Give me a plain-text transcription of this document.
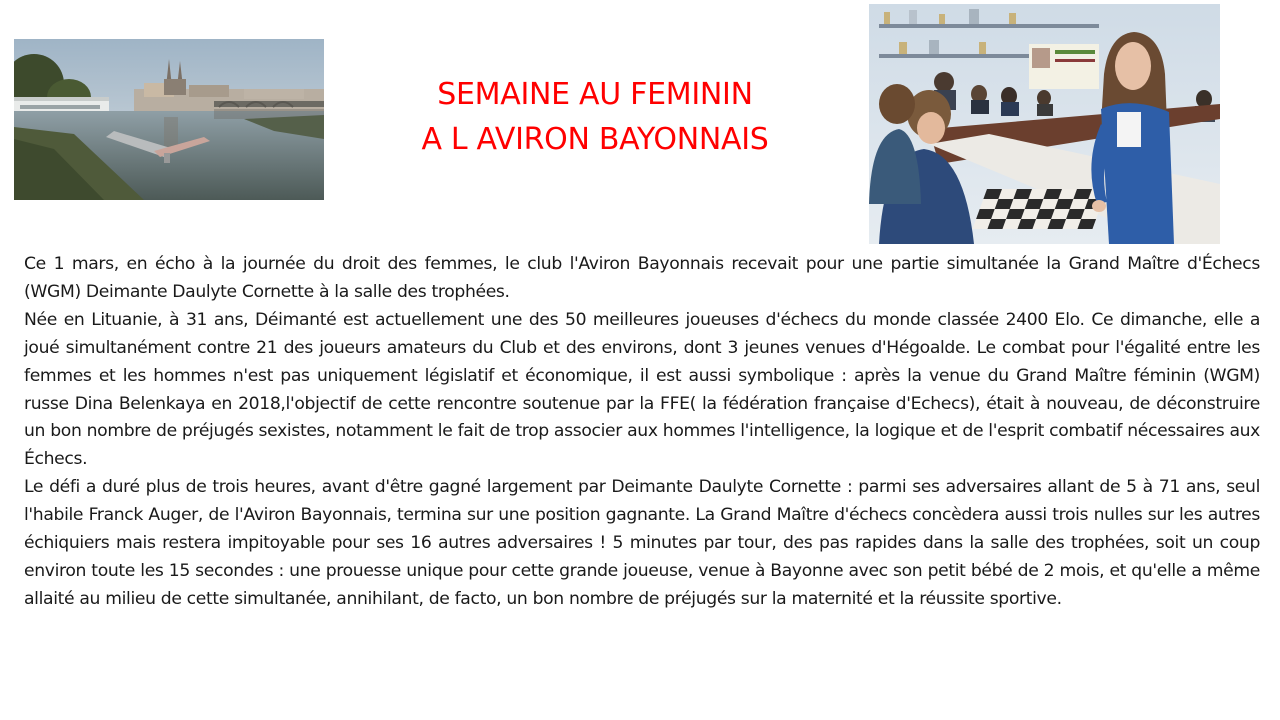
SEMAINE AU FEMININ
A L AVIRON BAYONNAIS

Ce 1 mars, en écho à la journée du droit des femmes, le club l'Aviron Bayonnais recevait pour une partie simultanée la Grand Maître d'Échecs (WGM) Deimante Daulyte Cornette à la salle des trophées.

Née en Lituanie, à 31 ans, Déimanté est actuellement une des 50 meilleures joueuses d'échecs du monde classée 2400 Elo. Ce dimanche, elle a joué simultanément contre 21 des joueurs amateurs du Club et des environs, dont 3 jeunes venues d'Hégoalde. Le combat pour l'égalité entre les femmes et les hommes n'est pas uniquement législatif et économique, il est aussi symbolique : après la venue du Grand Maître féminin (WGM) russe Dina Belenkaya en 2018,l'objectif de cette rencontre soutenue par la FFE( la fédération française d'Echecs), était à nouveau, de déconstruire un bon nombre de préjugés sexistes, notamment le fait de trop associer aux hommes l'intelligence, la logique et de l'esprit combatif nécessaires aux Échecs.

Le défi a duré plus de trois heures, avant d'être gagné largement par Deimante Daulyte Cornette : parmi ses adversaires allant de 5 à 71 ans, seul l'habile Franck Auger, de l'Aviron Bayonnais, termina sur une position gagnante. La Grand Maître d'échecs concèdera aussi trois nulles sur les autres échiquiers mais restera impitoyable pour ses 16 autres adversaires ! 5 minutes par tour, des pas rapides dans la salle des trophées, soit un coup environ toute les 15 secondes : une prouesse unique pour cette grande joueuse, venue à Bayonne avec son petit bébé de 2 mois, et qu'elle a même allaité au milieu de cette simultanée, annihilant, de facto, un bon nombre de préjugés sur la maternité et la réussite sportive.
